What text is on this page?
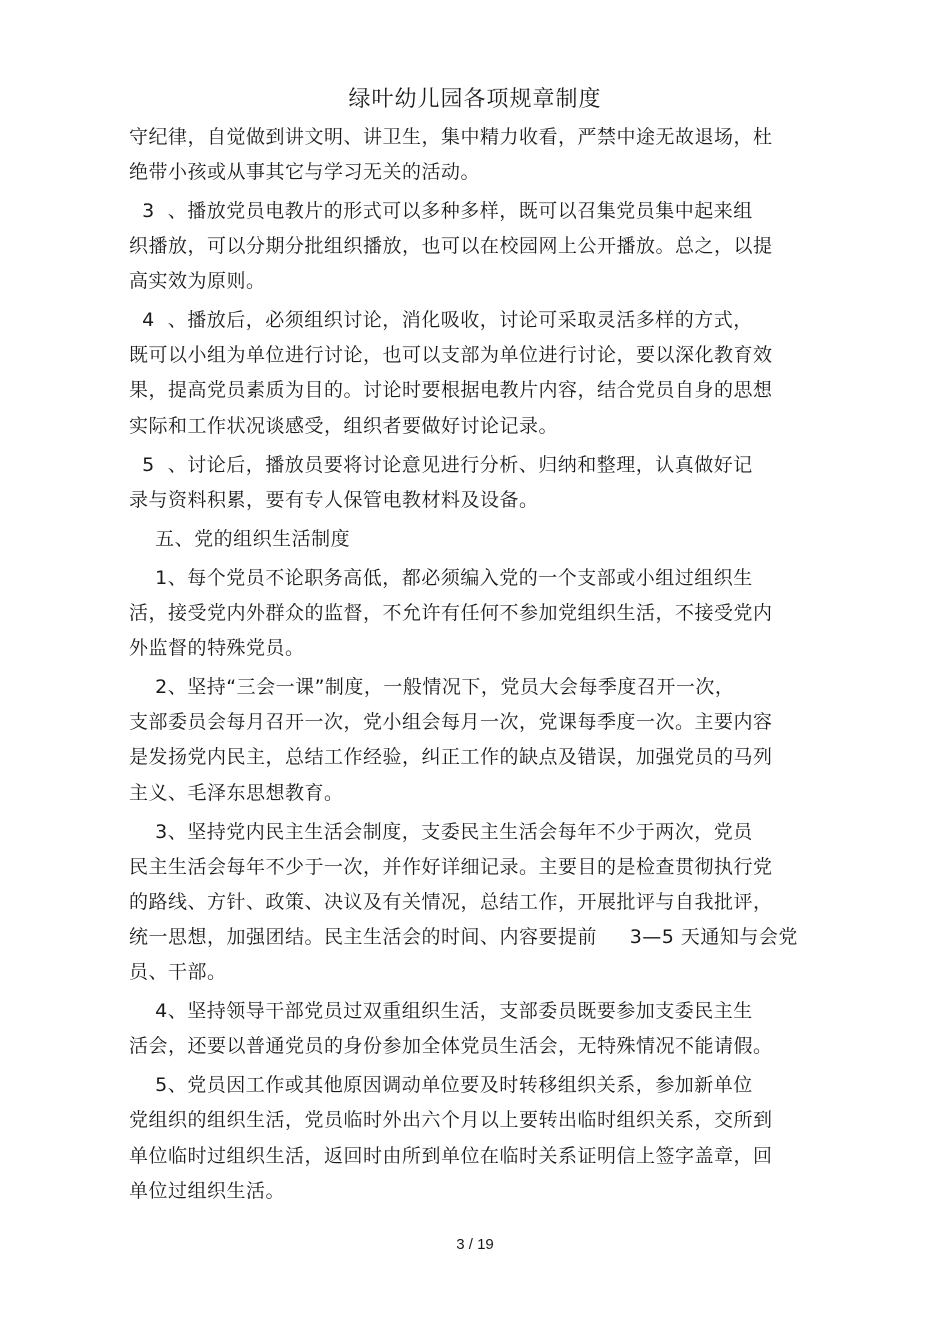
绿叶幼儿园各项规章制度
守纪律，自觉做到讲文明、讲卫生，集中精力收看，严禁中途无故退场，杜
绝带小孩或从事其它与学习无关的活动。
3  、播放党员电教片的形式可以多种多样，既可以召集党员集中起来组
织播放，可以分期分批组织播放，也可以在校园网上公开播放。总之，以提
高实效为原则。
4  、播放后，必须组织讨论，消化吸收，讨论可采取灵活多样的方式，
既可以小组为单位进行讨论，也可以支部为单位进行讨论，要以深化教育效
果，提高党员素质为目的。讨论时要根据电教片内容，结合党员自身的思想
实际和工作状况谈感受，组织者要做好讨论记录。
5  、讨论后，播放员要将讨论意见进行分析、归纳和整理，认真做好记
录与资料积累，要有专人保管电教材料及设备。
五、党的组织生活制度
1、每个党员不论职务高低，都必须编入党的一个支部或小组过组织生
活，接受党内外群众的监督，不允许有任何不参加党组织生活，不接受党内
外监督的特殊党员。
2、坚持“三会一课”制度，一般情况下，党员大会每季度召开一次，
支部委员会每月召开一次，党小组会每月一次，党课每季度一次。主要内容
是发扬党内民主，总结工作经验，纠正工作的缺点及错误，加强党员的马列
主义、毛泽东思想教育。
3、坚持党内民主生活会制度，支委民主生活会每年不少于两次，党员
民主生活会每年不少于一次，并作好详细记录。主要目的是检查贯彻执行党
的路线、方针、政策、决议及有关情况，总结工作，开展批评与自我批评，
统一思想，加强团结。民主生活会的时间、内容要提前     3—5 天通知与会党
员、干部。
4、坚持领导干部党员过双重组织生活，支部委员既要参加支委民主生
活会，还要以普通党员的身份参加全体党员生活会，无特殊情况不能请假。
5、党员因工作或其他原因调动单位要及时转移组织关系，参加新单位
党组织的组织生活，党员临时外出六个月以上要转出临时组织关系，交所到
单位临时过组织生活，返回时由所到单位在临时关系证明信上签字盖章，回
单位过组织生活。
3 / 19
